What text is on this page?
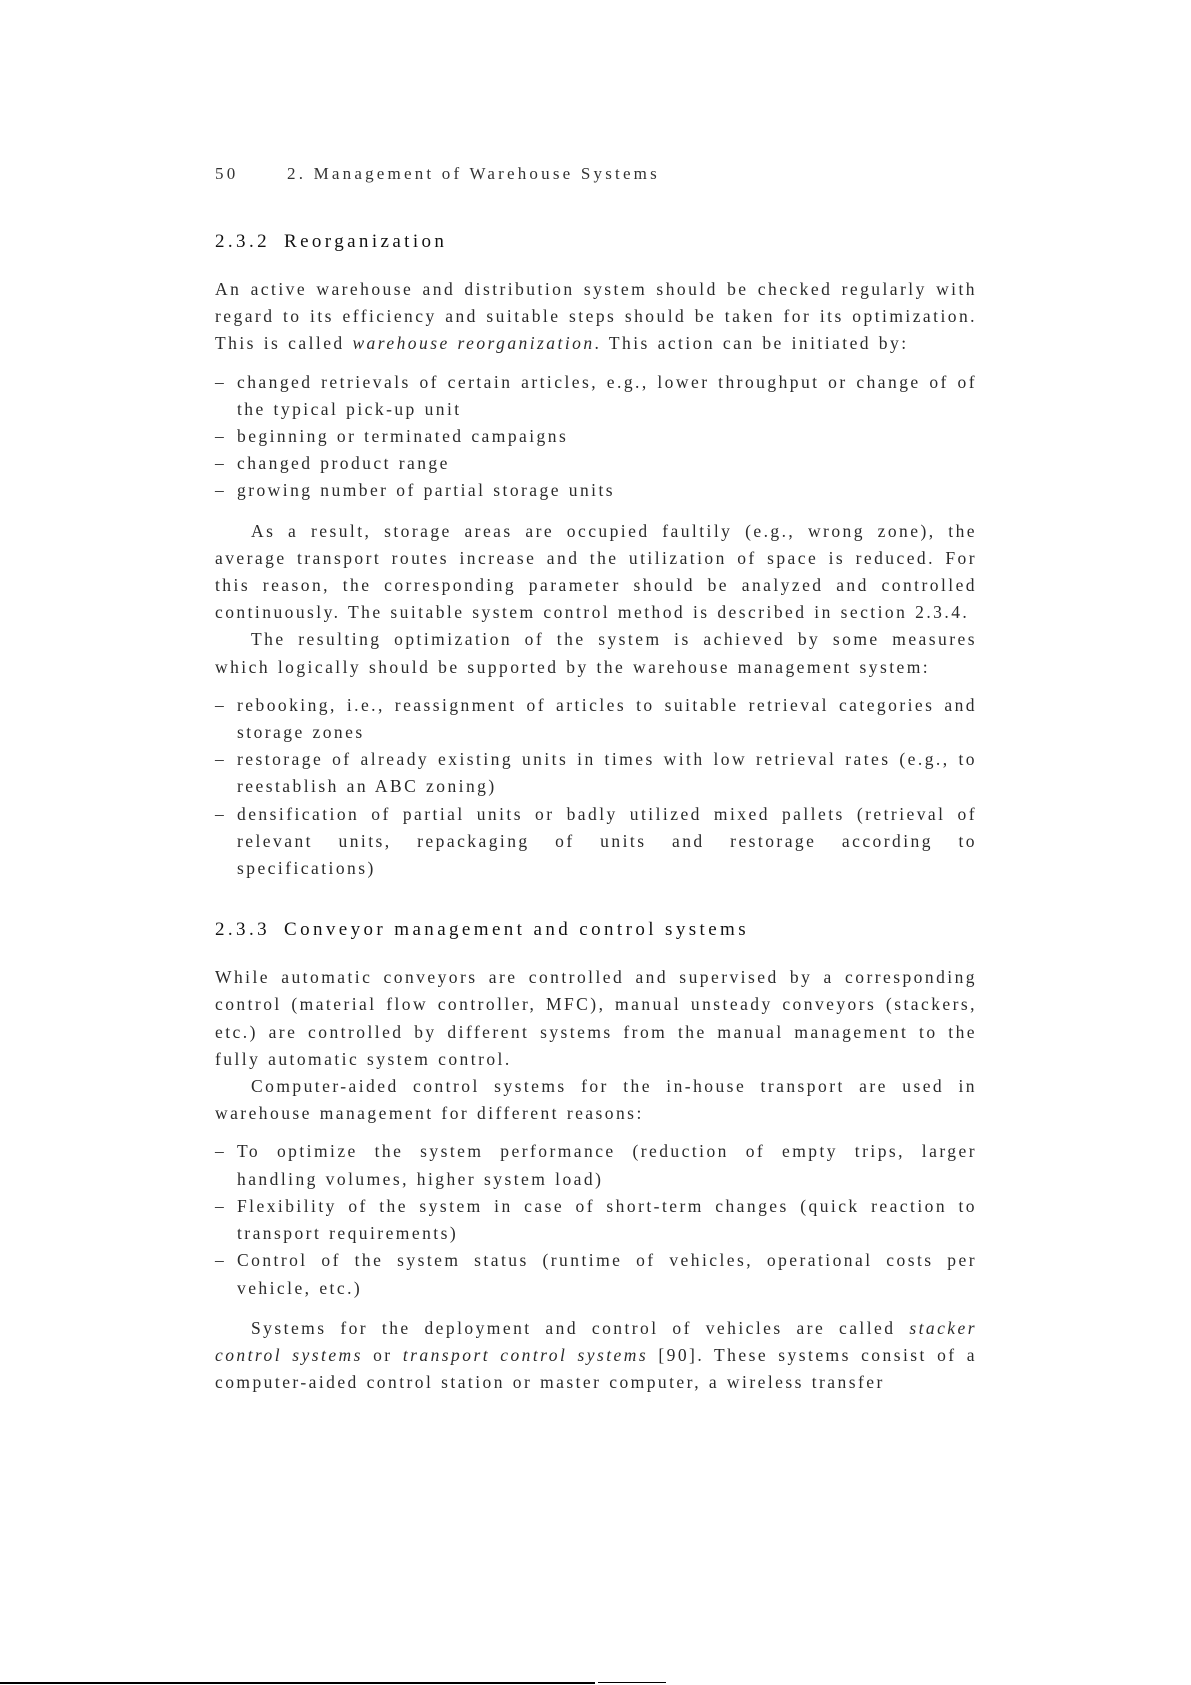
50	2. Management of Warehouse Systems
2.3.2 Reorganization

An active warehouse and distribution system should be checked regularly with regard to its efficiency and suitable steps should be taken for its optimization. This is called warehouse reorganization. This action can be initiated by:

– changed retrievals of certain articles, e.g., lower throughput or change of of the typical pick-up unit
– beginning or terminated campaigns
– changed product range
– growing number of partial storage units

As a result, storage areas are occupied faultily (e.g., wrong zone), the average transport routes increase and the utilization of space is reduced. For this reason, the corresponding parameter should be analyzed and controlled continuously. The suitable system control method is described in section 2.3.4.

The resulting optimization of the system is achieved by some measures which logically should be supported by the warehouse management system:

– rebooking, i.e., reassignment of articles to suitable retrieval categories and storage zones
– restorage of already existing units in times with low retrieval rates (e.g., to reestablish an ABC zoning)
– densification of partial units or badly utilized mixed pallets (retrieval of relevant units, repackaging of units and restorage according to specifications)
2.3.3 Conveyor management and control systems

While automatic conveyors are controlled and supervised by a corresponding control (material flow controller, MFC), manual unsteady conveyors (stackers, etc.) are controlled by different systems from the manual management to the fully automatic system control.

Computer-aided control systems for the in-house transport are used in warehouse management for different reasons:

– To optimize the system performance (reduction of empty trips, larger handling volumes, higher system load)
– Flexibility of the system in case of short-term changes (quick reaction to transport requirements)
– Control of the system status (runtime of vehicles, operational costs per vehicle, etc.)

Systems for the deployment and control of vehicles are called stacker control systems or transport control systems [90]. These systems consist of a computer-aided control station or master computer, a wireless transfer
